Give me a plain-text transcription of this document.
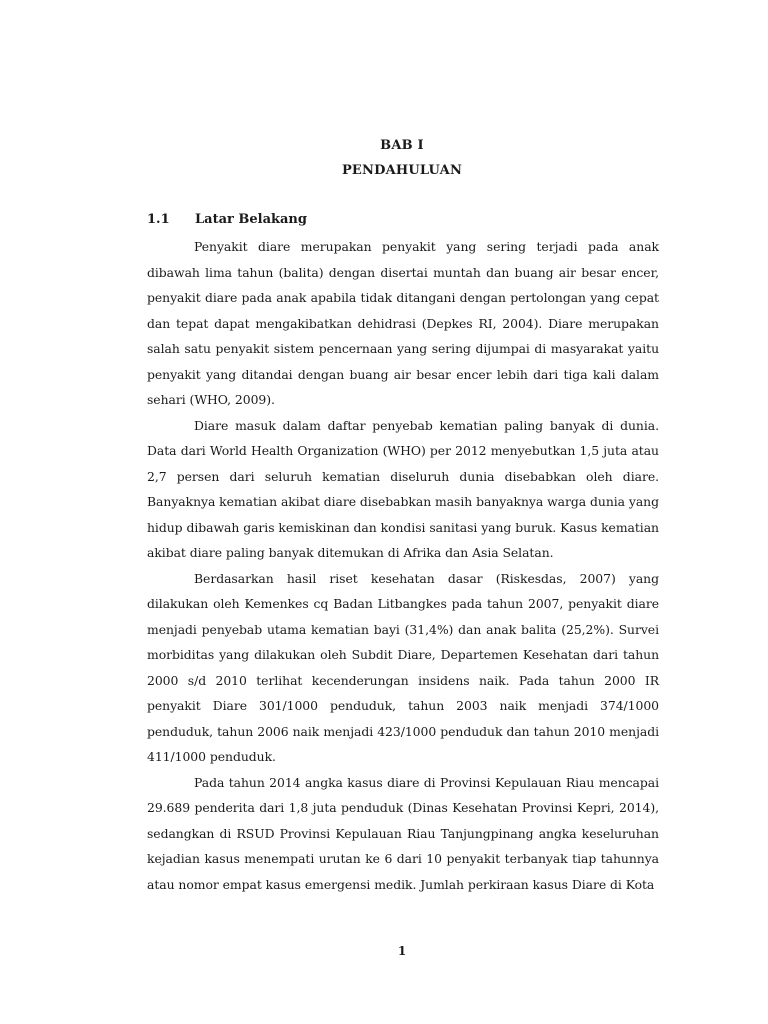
BAB I
PENDAHULUAN
1.1 Latar Belakang

Penyakit diare merupakan penyakit yang sering terjadi pada anak dibawah lima tahun (balita) dengan disertai muntah dan buang air besar encer, penyakit diare pada anak apabila tidak ditangani dengan pertolongan yang cepat dan tepat dapat mengakibatkan dehidrasi (Depkes RI, 2004). Diare merupakan salah satu penyakit sistem pencernaan yang sering dijumpai di masyarakat yaitu penyakit yang ditandai dengan buang air besar encer lebih dari tiga kali dalam sehari (WHO, 2009).

Diare masuk dalam daftar penyebab kematian paling banyak di dunia. Data dari World Health Organization (WHO) per 2012 menyebutkan 1,5 juta atau 2,7 persen dari seluruh kematian diseluruh dunia disebabkan oleh diare. Banyaknya kematian akibat diare disebabkan masih banyaknya warga dunia yang hidup dibawah garis kemiskinan dan kondisi sanitasi yang buruk. Kasus kematian akibat diare paling banyak ditemukan di Afrika dan Asia Selatan.

Berdasarkan hasil riset kesehatan dasar (Riskesdas, 2007) yang dilakukan oleh Kemenkes cq Badan Litbangkes pada tahun 2007, penyakit diare menjadi penyebab utama kematian bayi (31,4%) dan anak balita (25,2%). Survei morbiditas yang dilakukan oleh Subdit Diare, Departemen Kesehatan dari tahun 2000 s/d 2010 terlihat kecenderungan insidens naik. Pada tahun 2000 IR penyakit Diare 301/1000 penduduk, tahun 2003 naik menjadi 374/1000 penduduk, tahun 2006 naik menjadi 423/1000 penduduk dan tahun 2010 menjadi 411/1000 penduduk.

Pada tahun 2014 angka kasus diare di Provinsi Kepulauan Riau mencapai 29.689 penderita dari 1,8 juta penduduk (Dinas Kesehatan Provinsi Kepri, 2014), sedangkan di RSUD Provinsi Kepulauan Riau Tanjungpinang angka keseluruhan kejadian kasus menempati urutan ke 6 dari 10 penyakit terbanyak tiap tahunnya atau nomor empat kasus emergensi medik. Jumlah perkiraan kasus Diare di Kota

1
